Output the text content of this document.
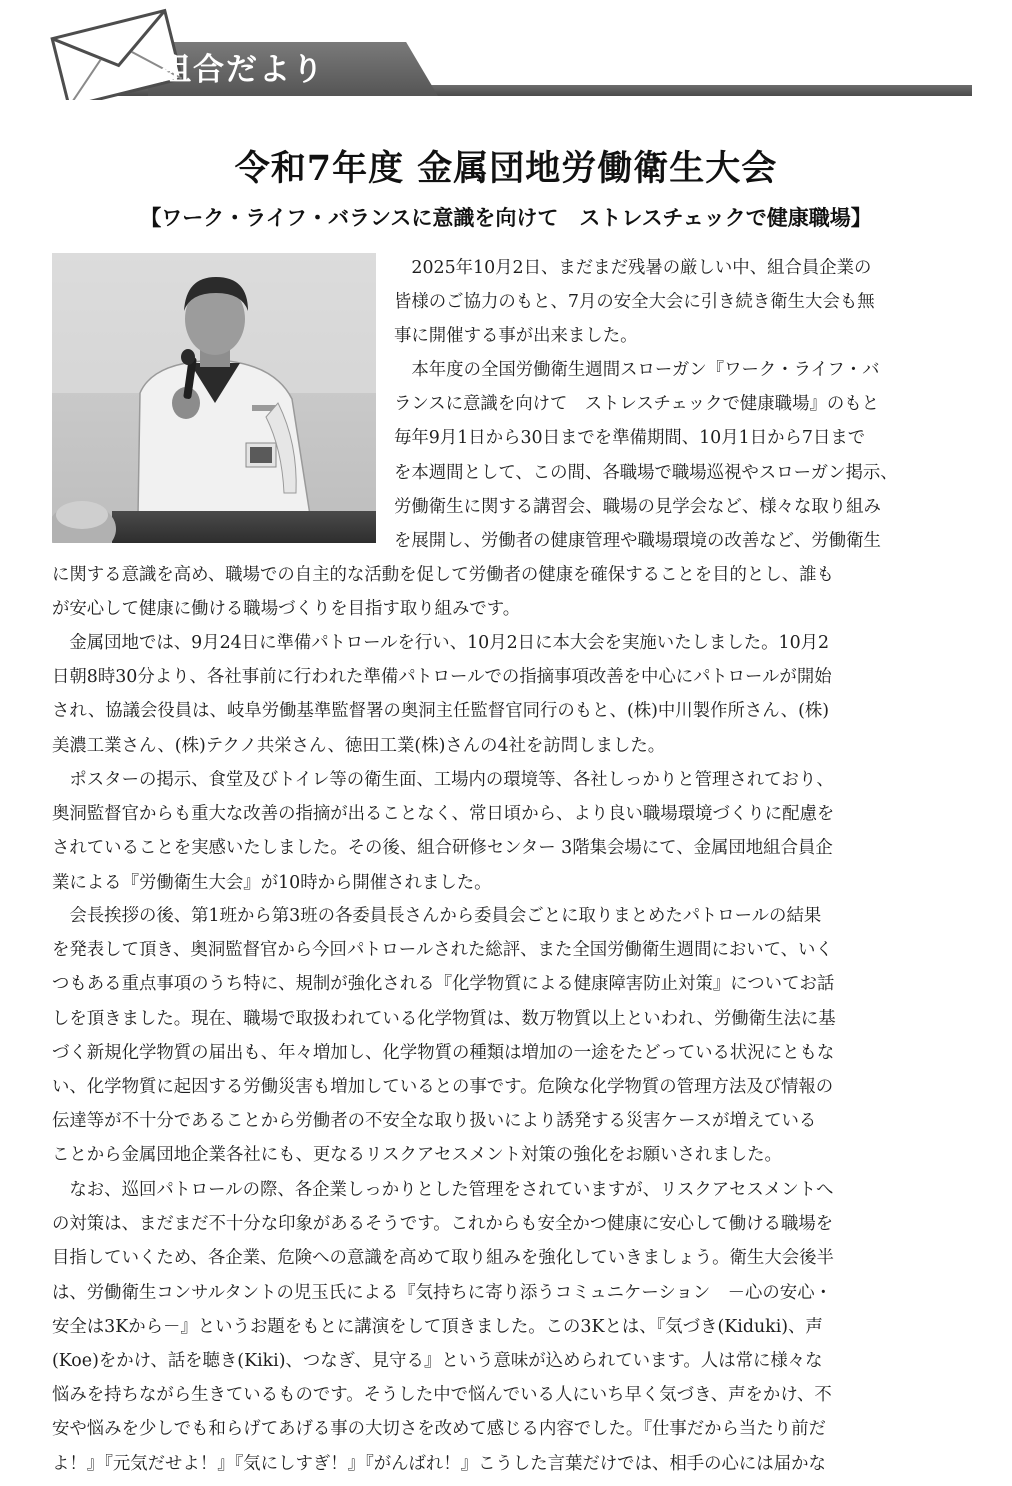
組合だより
令和7年度 金属団地労働衛生大会
【ワーク・ライフ・バランスに意識を向けて　ストレスチェックで健康職場】

　2025年10月2日、まだまだ残暑の厳しい中、組合員企業の
皆様のご協力のもと、7月の安全大会に引き続き衛生大会も無
事に開催する事が出来ました。

　本年度の全国労働衛生週間スローガン『ワーク・ライフ・バ
ランスに意識を向けて　ストレスチェックで健康職場』のもと
毎年9月1日から30日までを準備期間、10月1日から7日まで
を本週間として、この間、各職場で職場巡視やスローガン掲示、
労働衛生に関する講習会、職場の見学会など、様々な取り組み
を展開し、労働者の健康管理や職場環境の改善など、労働衛生

に関する意識を高め、職場での自主的な活動を促して労働者の健康を確保することを目的とし、誰も
が安心して健康に働ける職場づくりを目指す取り組みです。

　金属団地では、9月24日に準備パトロールを行い、10月2日に本大会を実施いたしました。10月2
日朝8時30分より、各社事前に行われた準備パトロールでの指摘事項改善を中心にパトロールが開始
され、協議会役員は、岐阜労働基準監督署の奥洞主任監督官同行のもと、(株)中川製作所さん、(株)
美濃工業さん、(株)テクノ共栄さん、徳田工業(株)さんの4社を訪問しました。

　ポスターの掲示、食堂及びトイレ等の衛生面、工場内の環境等、各社しっかりと管理されており、
奥洞監督官からも重大な改善の指摘が出ることなく、常日頃から、より良い職場環境づくりに配慮を
されていることを実感いたしました。その後、組合研修センター 3階集会場にて、金属団地組合員企
業による『労働衛生大会』が10時から開催されました。

　会長挨拶の後、第1班から第3班の各委員長さんから委員会ごとに取りまとめたパトロールの結果
を発表して頂き、奥洞監督官から今回パトロールされた総評、また全国労働衛生週間において、いく
つもある重点事項のうち特に、規制が強化される『化学物質による健康障害防止対策』についてお話
しを頂きました。現在、職場で取扱われている化学物質は、数万物質以上といわれ、労働衛生法に基
づく新規化学物質の届出も、年々増加し、化学物質の種類は増加の一途をたどっている状況にともな
い、化学物質に起因する労働災害も増加しているとの事です。危険な化学物質の管理方法及び情報の
伝達等が不十分であることから労働者の不安全な取り扱いにより誘発する災害ケースが増えている
ことから金属団地企業各社にも、更なるリスクアセスメント対策の強化をお願いされました。

　なお、巡回パトロールの際、各企業しっかりとした管理をされていますが、リスクアセスメントへ
の対策は、まだまだ不十分な印象があるそうです。これからも安全かつ健康に安心して働ける職場を
目指していくため、各企業、危険への意識を高めて取り組みを強化していきましょう。衛生大会後半
は、労働衛生コンサルタントの児玉氏による『気持ちに寄り添うコミュニケーション　－心の安心・
安全は3Kから－』というお題をもとに講演をして頂きました。この3Kとは、『気づき(Kiduki)、声
(Koe)をかけ、話を聴き(Kiki)、つなぎ、見守る』という意味が込められています。人は常に様々な
悩みを持ちながら生きているものです。そうした中で悩んでいる人にいち早く気づき、声をかけ、不
安や悩みを少しでも和らげてあげる事の大切さを改めて感じる内容でした。『仕事だから当たり前だ
よ！』『元気だせよ！』『気にしすぎ！』『がんばれ！』こうした言葉だけでは、相手の心には届かな
